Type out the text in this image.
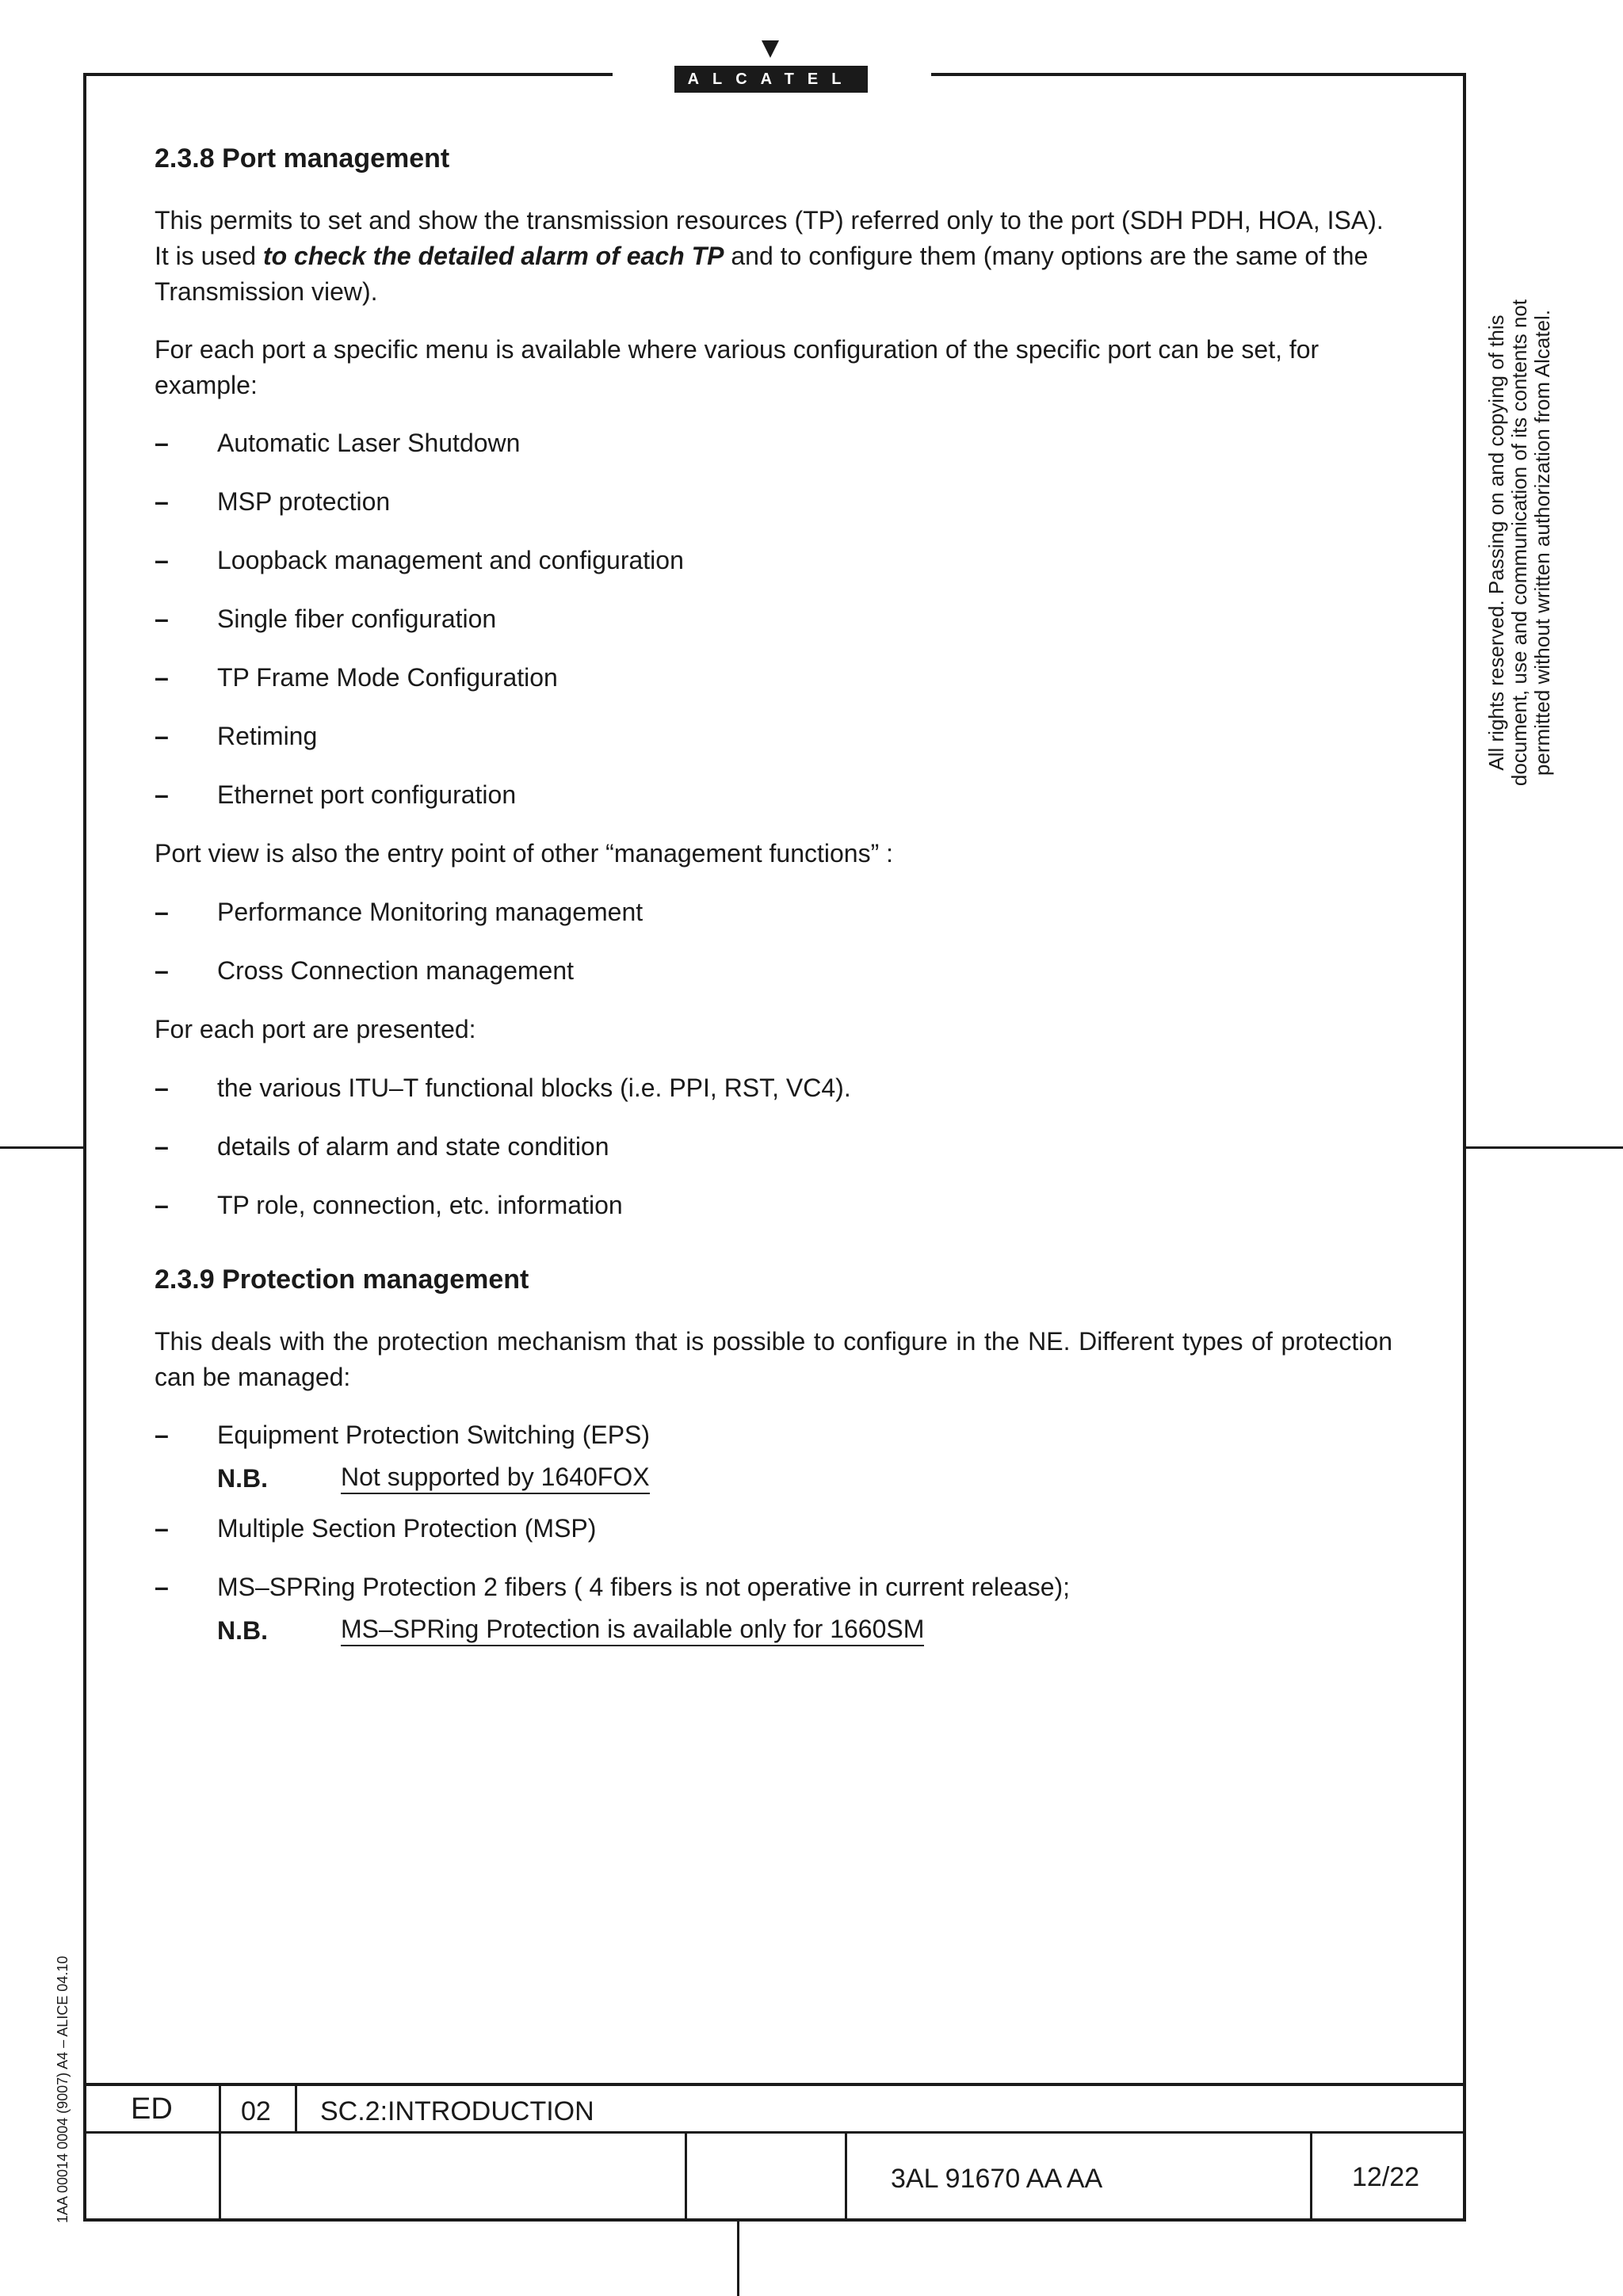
ALCATEL
All rights reserved. Passing on and copying of this document, use and communication of its contents not permitted without written authorization from Alcatel.
1AA 00014 0004 (9007) A4 – ALICE 04.10
2.3.8 Port management

This permits to set and show the transmission resources (TP) referred only to the port (SDH PDH, HOA, ISA).

It is used to check the detailed alarm of each TP and to configure them (many options are the same of the Transmission view).

For each port a specific menu is available where various configuration of the specific port can be set, for example:

– Automatic Laser Shutdown
– MSP protection
– Loopback management and configuration
– Single fiber configuration
– TP Frame Mode Configuration
– Retiming
– Ethernet port configuration

Port view is also the entry point of other “management functions” :

– Performance Monitoring management
– Cross Connection management

For each port are presented:

– the various ITU–T functional blocks (i.e. PPI, RST, VC4).
– details of alarm and state condition
– TP role, connection, etc. information
2.3.9 Protection management

This deals with the protection mechanism that is possible to configure in the NE. Different types of protection can be managed:

– Equipment Protection Switching (EPS)
N.B.	Not supported by 1640FOX
– Multiple Section Protection (MSP)
– MS–SPRing Protection 2 fibers ( 4 fibers is not operative in current release);
N.B.	MS–SPRing Protection is available only for 1660SM
ED	02 SC.2:INTRODUCTION
3AL 91670 AA AA	12/22
